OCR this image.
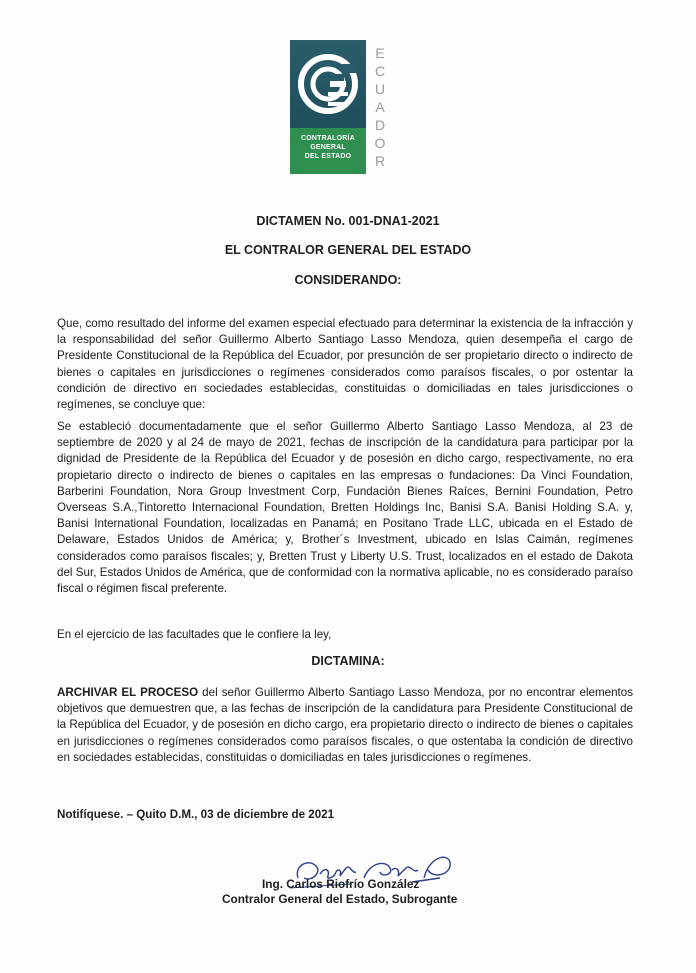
CONTRALORÍA
GENERAL
DEL ESTADO
E
C
U
A
D
O
R
DICTAMEN No. 001-DNA1-2021
EL CONTRALOR GENERAL DEL ESTADO
CONSIDERANDO:
Que, como resultado del informe del examen especial efectuado para determinar la existencia de la infracción y la responsabilidad del señor Guillermo Alberto Santiago Lasso Mendoza, quien desempeña el cargo de Presidente Constitucional de la República del Ecuador, por presunción de ser propietario directo o indirecto de bienes o capitales en jurisdicciones o regímenes considerados como paraísos fiscales, o por ostentar la condición de directivo en sociedades establecidas, constituidas o domiciliadas en tales jurisdicciones o regímenes, se concluye que:
Se estableció documentadamente que el señor Guillermo Alberto Santiago Lasso Mendoza, al 23 de septiembre de 2020 y al 24 de mayo de 2021, fechas de inscripción de la candidatura para participar por la dignidad de Presidente de la República del Ecuador y de posesión en dicho cargo, respectivamente, no era propietario directo o indirecto de bienes o capitales en las empresas o fundaciones: Da Vinci Foundation, Barberini Foundation, Nora Group Investment Corp, Fundación Bienes Raíces, Bernini Foundation, Petro Overseas S.A.,Tintoretto Internacional Foundation, Bretten Holdings Inc, Banisi S.A. Banisi Holding S.A. y, Banisi International Foundation, localizadas en Panamá; en Positano Trade LLC, ubicada en el Estado de Delaware, Estados Unidos de América; y, Brother´s Investment, ubicado en Islas Caimán, regímenes considerados como paraísos fiscales; y, Bretten Trust y Liberty U.S. Trust, localizados en el estado de Dakota del Sur, Estados Unidos de América, que de conformidad con la normativa aplicable, no es considerado paraíso fiscal o régimen fiscal preferente.
En el ejercicio de las facultades que le confiere la ley,
DICTAMINA:
ARCHIVAR EL PROCESO del señor Guillermo Alberto Santiago Lasso Mendoza, por no encontrar elementos objetivos que demuestren que, a las fechas de inscripción de la candidatura para Presidente Constitucional de la República del Ecuador, y de posesión en dicho cargo, era propietario directo o indirecto de bienes o capitales en jurisdicciones o regímenes considerados como paraísos fiscales, o que ostentaba la condición de directivo en sociedades establecidas, constituidas o domiciliadas en tales jurisdicciones o regímenes.
Notifíquese. – Quito D.M., 03 de diciembre de 2021
Ing. Carlos Riofrío González
Contralor General del Estado, Subrogante
